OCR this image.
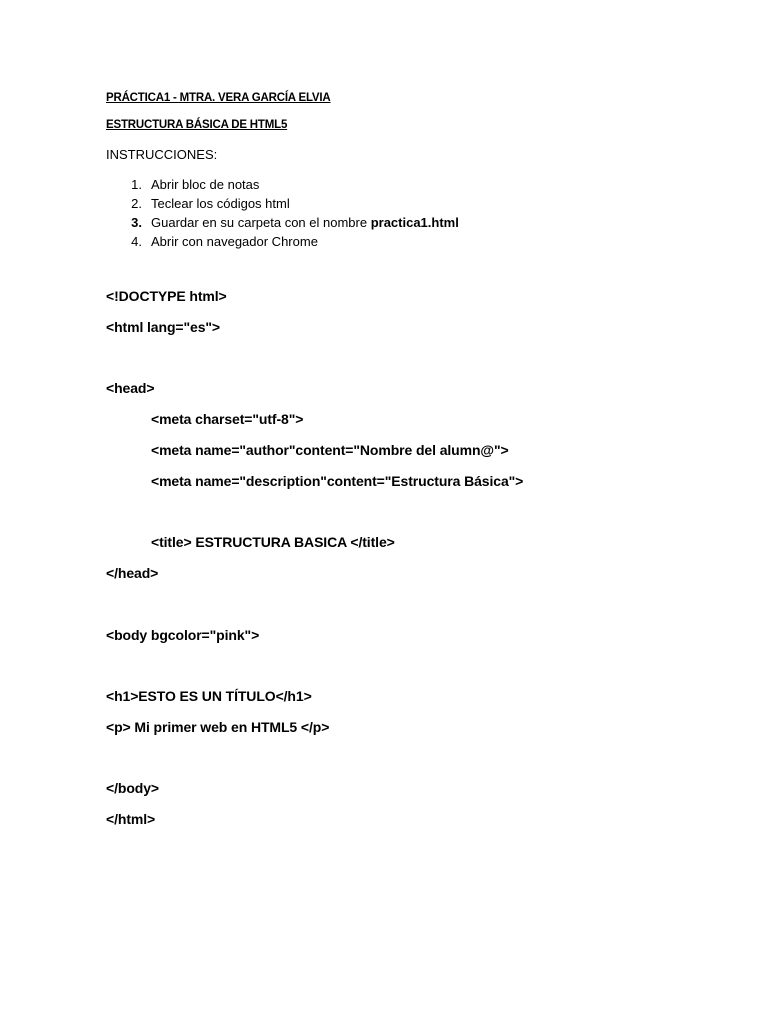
PRÁCTICA1 - MTRA. VERA GARCÍA ELVIA
ESTRUCTURA BÁSICA DE HTML5
INSTRUCCIONES:
1. Abrir bloc de notas
2. Teclear los códigos html
3. Guardar en su carpeta con el nombre practica1.html
4. Abrir con navegador Chrome
<!DOCTYPE html>
<html lang="es">
<head>
<meta charset="utf-8">
<meta name="author"content="Nombre del alumn@">
<meta name="description"content="Estructura Básica">
<title> ESTRUCTURA BASICA </title>
</head>
<body bgcolor="pink">
<h1>ESTO ES UN TÍTULO</h1>
<p> Mi primer web en HTML5 </p>
</body>
</html>
